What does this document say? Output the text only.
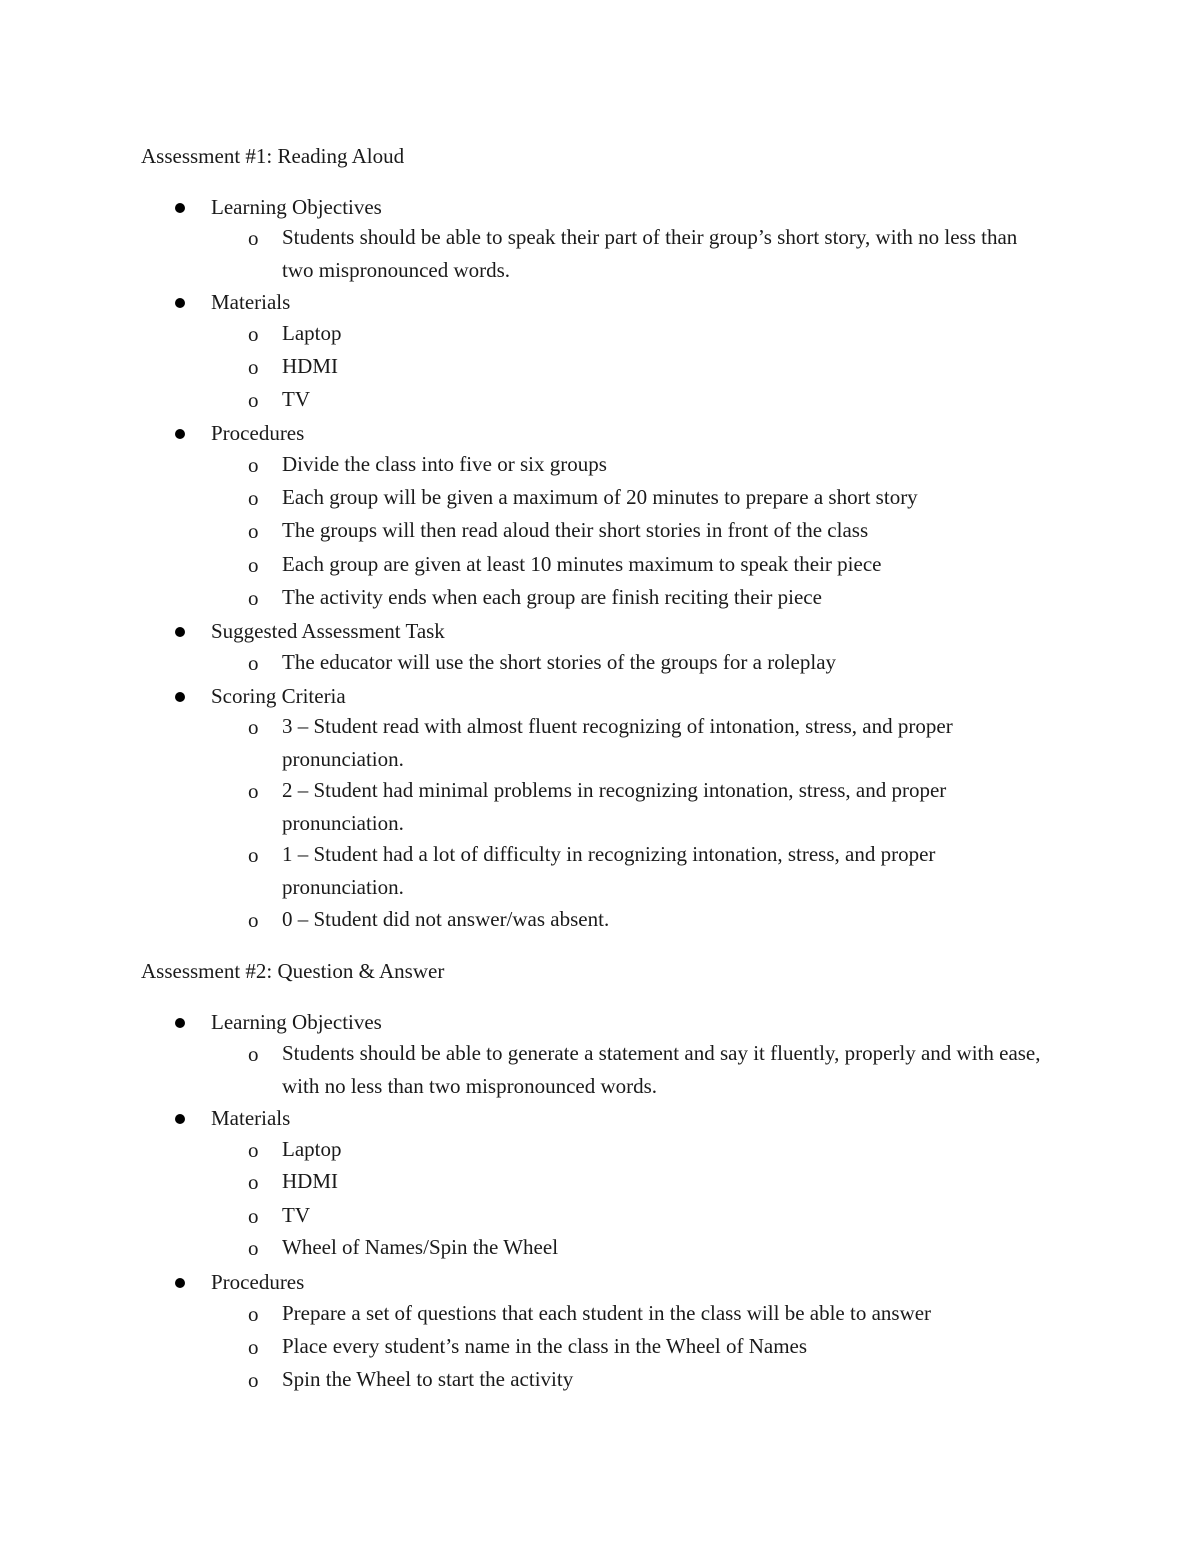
Assessment #1: Reading Aloud
Learning Objectives
o Students should be able to speak their part of their group’s short story, with no less than two mispronounced words.
Materials
o Laptop
o HDMI
o TV
Procedures
o Divide the class into five or six groups
o Each group will be given a maximum of 20 minutes to prepare a short story
o The groups will then read aloud their short stories in front of the class
o Each group are given at least 10 minutes maximum to speak their piece
o The activity ends when each group are finish reciting their piece
Suggested Assessment Task
o The educator will use the short stories of the groups for a roleplay
Scoring Criteria
o 3 – Student read with almost fluent recognizing of intonation, stress, and proper pronunciation.
o 2 – Student had minimal problems in recognizing intonation, stress, and proper pronunciation.
o 1 – Student had a lot of difficulty in recognizing intonation, stress, and proper pronunciation.
o 0 – Student did not answer/was absent.
Assessment #2: Question & Answer
Learning Objectives
o Students should be able to generate a statement and say it fluently, properly and with ease, with no less than two mispronounced words.
Materials
o Laptop
o HDMI
o TV
o Wheel of Names/Spin the Wheel
Procedures
o Prepare a set of questions that each student in the class will be able to answer
o Place every student’s name in the class in the Wheel of Names
o Spin the Wheel to start the activity
